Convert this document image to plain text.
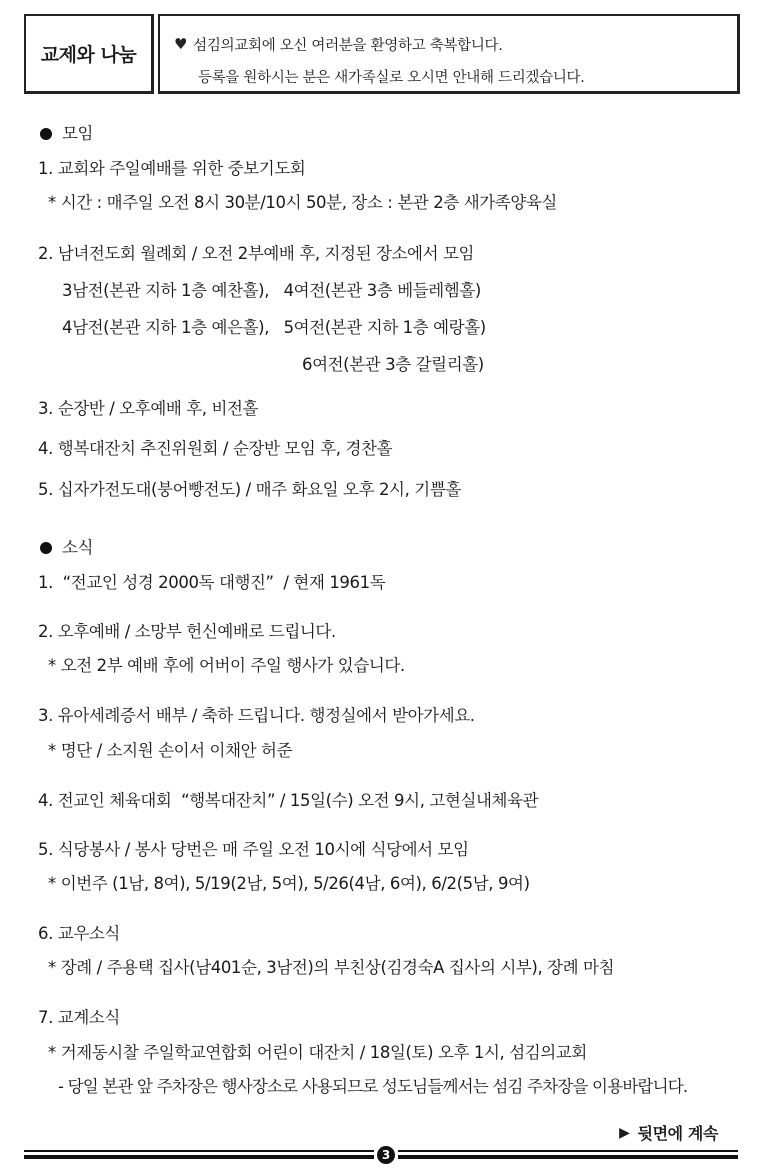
교제와 나눔	♥ 섬김의교회에 오신 여러분을 환영하고 축복합니다.
등록을 원하시는 분은 새가족실로 오시면 안내해 드리겠습니다.
모임
1. 교회와 주일예배를 위한 중보기도회
* 시간 : 매주일 오전 8시 30분/10시 50분, 장소 : 본관 2층 새가족양육실
2. 남녀전도회 월례회 / 오전 2부예배 후, 지정된 장소에서 모임
3남전(본관 지하 1층 예찬홀),   4여전(본관 3층 베들레헴홀)
4남전(본관 지하 1층 예은홀),   5여전(본관 지하 1층 예랑홀)
6여전(본관 3층 갈릴리홀)
3. 순장반 / 오후예배 후, 비전홀
4. 행복대잔치 추진위원회 / 순장반 모임 후, 경찬홀
5. 십자가전도대(붕어빵전도) / 매주 화요일 오후 2시, 기쁨홀
소식
1.  “전교인 성경 2000독 대행진”  / 현재 1961독
2. 오후예배 / 소망부 헌신예배로 드립니다.
* 오전 2부 예배 후에 어버이 주일 행사가 있습니다.
3. 유아세례증서 배부 / 축하 드립니다. 행정실에서 받아가세요.
* 명단 / 소지원 손이서 이채안 허준
4. 전교인 체육대회  “행복대잔치” / 15일(수) 오전 9시, 고현실내체육관
5. 식당봉사 / 봉사 당번은 매 주일 오전 10시에 식당에서 모임
* 이번주 (1남, 8여), 5/19(2남, 5여), 5/26(4남, 6여), 6/2(5남, 9여)
6. 교우소식
* 장례 / 주용택 집사(남401순, 3남전)의 부친상(김경숙A 집사의 시부), 장례 마침
7. 교계소식
* 거제동시찰 주일학교연합회 어린이 대잔치 / 18일(토) 오후 1시, 섬김의교회
- 당일 본관 앞 주차장은 행사장소로 사용되므로 성도님들께서는 섬김 주차장을 이용바랍니다.
▶ 뒷면에 계속
3
